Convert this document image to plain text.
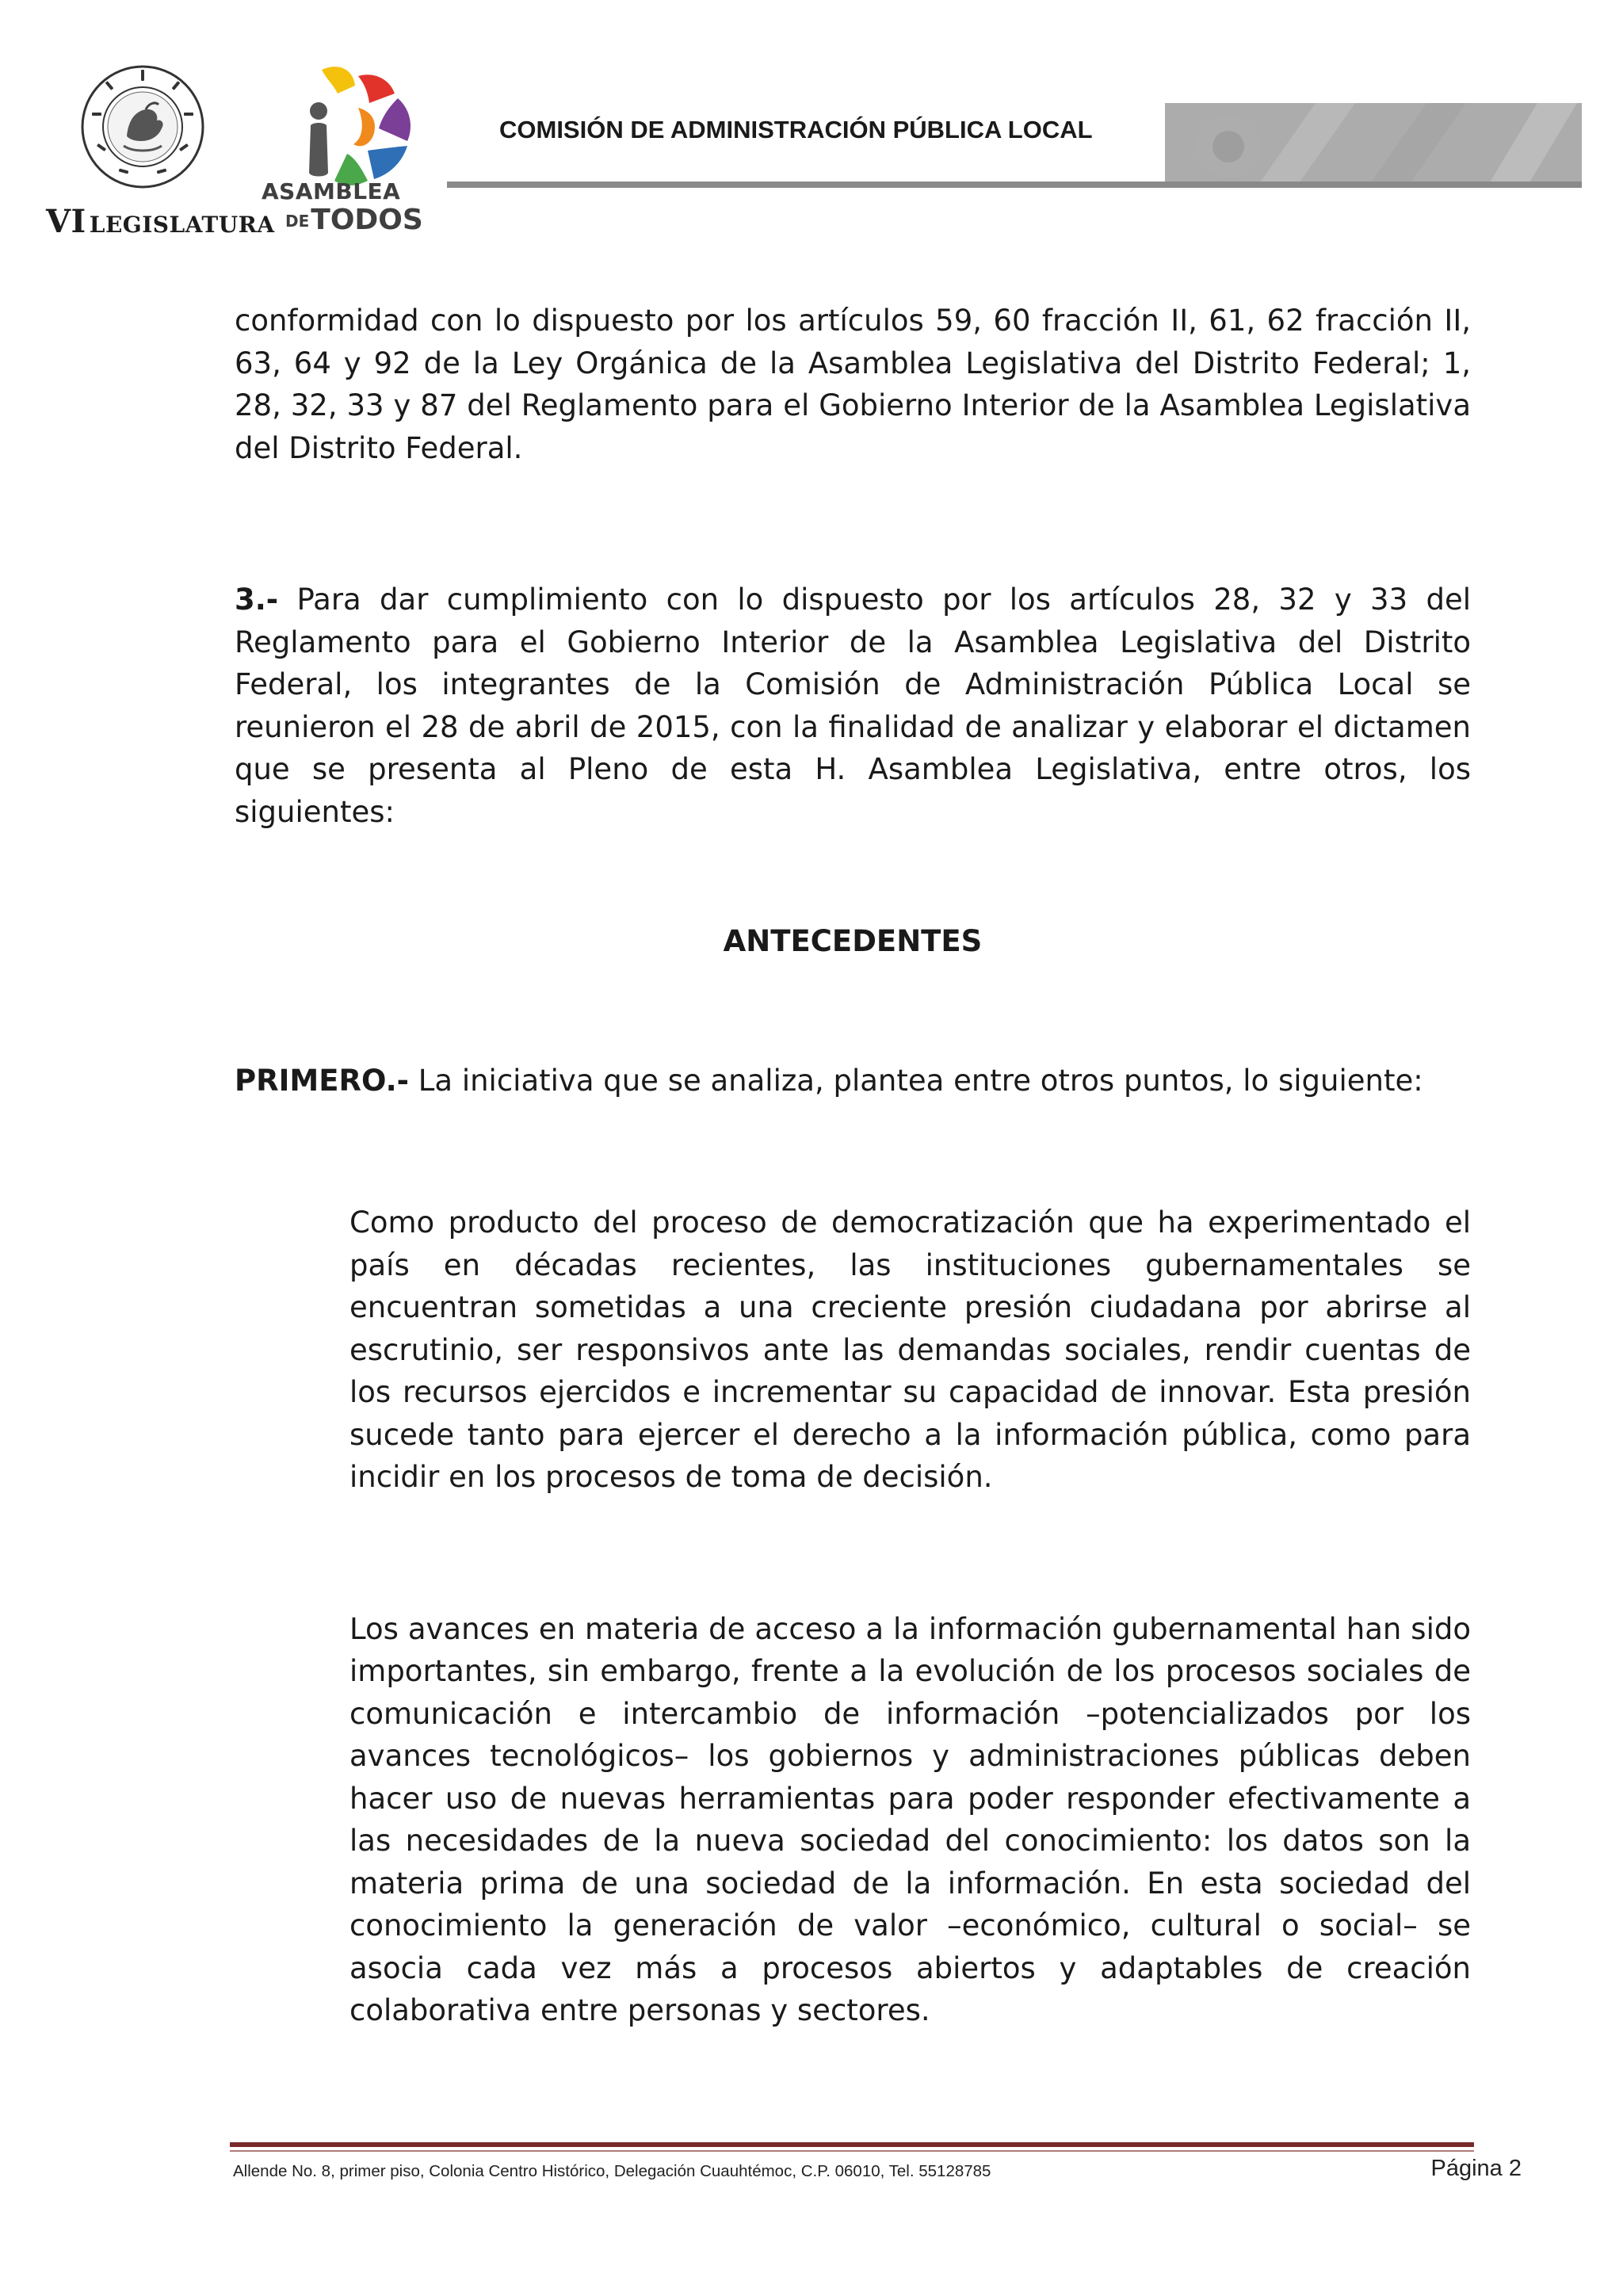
VI LEGISLATURA
ASAMBLEA
DETODOS
COMISIÓN DE ADMINISTRACIÓN PÚBLICA LOCAL

conformidad con lo dispuesto por los artículos 59, 60 fracción II, 61, 62 fracción II, 63, 64 y 92 de la Ley Orgánica de la Asamblea Legislativa del Distrito Federal; 1, 28, 32, 33 y 87 del Reglamento para el Gobierno Interior de la Asamblea Legislativa del Distrito Federal.

3.- Para dar cumplimiento con lo dispuesto por los artículos 28, 32 y 33 del Reglamento para el Gobierno Interior de la Asamblea Legislativa del Distrito Federal, los integrantes de la Comisión de Administración Pública Local se reunieron el 28 de abril de 2015, con la finalidad de analizar y elaborar el dictamen que se presenta al Pleno de esta H. Asamblea Legislativa, entre otros, los siguientes:

ANTECEDENTES

PRIMERO.- La iniciativa que se analiza, plantea entre otros puntos, lo siguiente:

Como producto del proceso de democratización que ha experimentado el país en décadas recientes, las instituciones gubernamentales se encuentran sometidas a una creciente presión ciudadana por abrirse al escrutinio, ser responsivos ante las demandas sociales, rendir cuentas de los recursos ejercidos e incrementar su capacidad de innovar. Esta presión sucede tanto para ejercer el derecho a la información pública, como para incidir en los procesos de toma de decisión.

Los avances en materia de acceso a la información gubernamental han sido importantes, sin embargo, frente a la evolución de los procesos sociales de comunicación e intercambio de información –potencializados por los avances tecnológicos– los gobiernos y administraciones públicas deben hacer uso de nuevas herramientas para poder responder efectivamente a las necesidades de la nueva sociedad del conocimiento: los datos son la materia prima de una sociedad de la información. En esta sociedad del conocimiento la generación de valor –económico, cultural o social– se asocia cada vez más a procesos abiertos y adaptables de creación colaborativa entre personas y sectores.

Allende No. 8, primer piso, Colonia Centro Histórico, Delegación Cuauhtémoc, C.P. 06010, Tel. 55128785	Página 2
